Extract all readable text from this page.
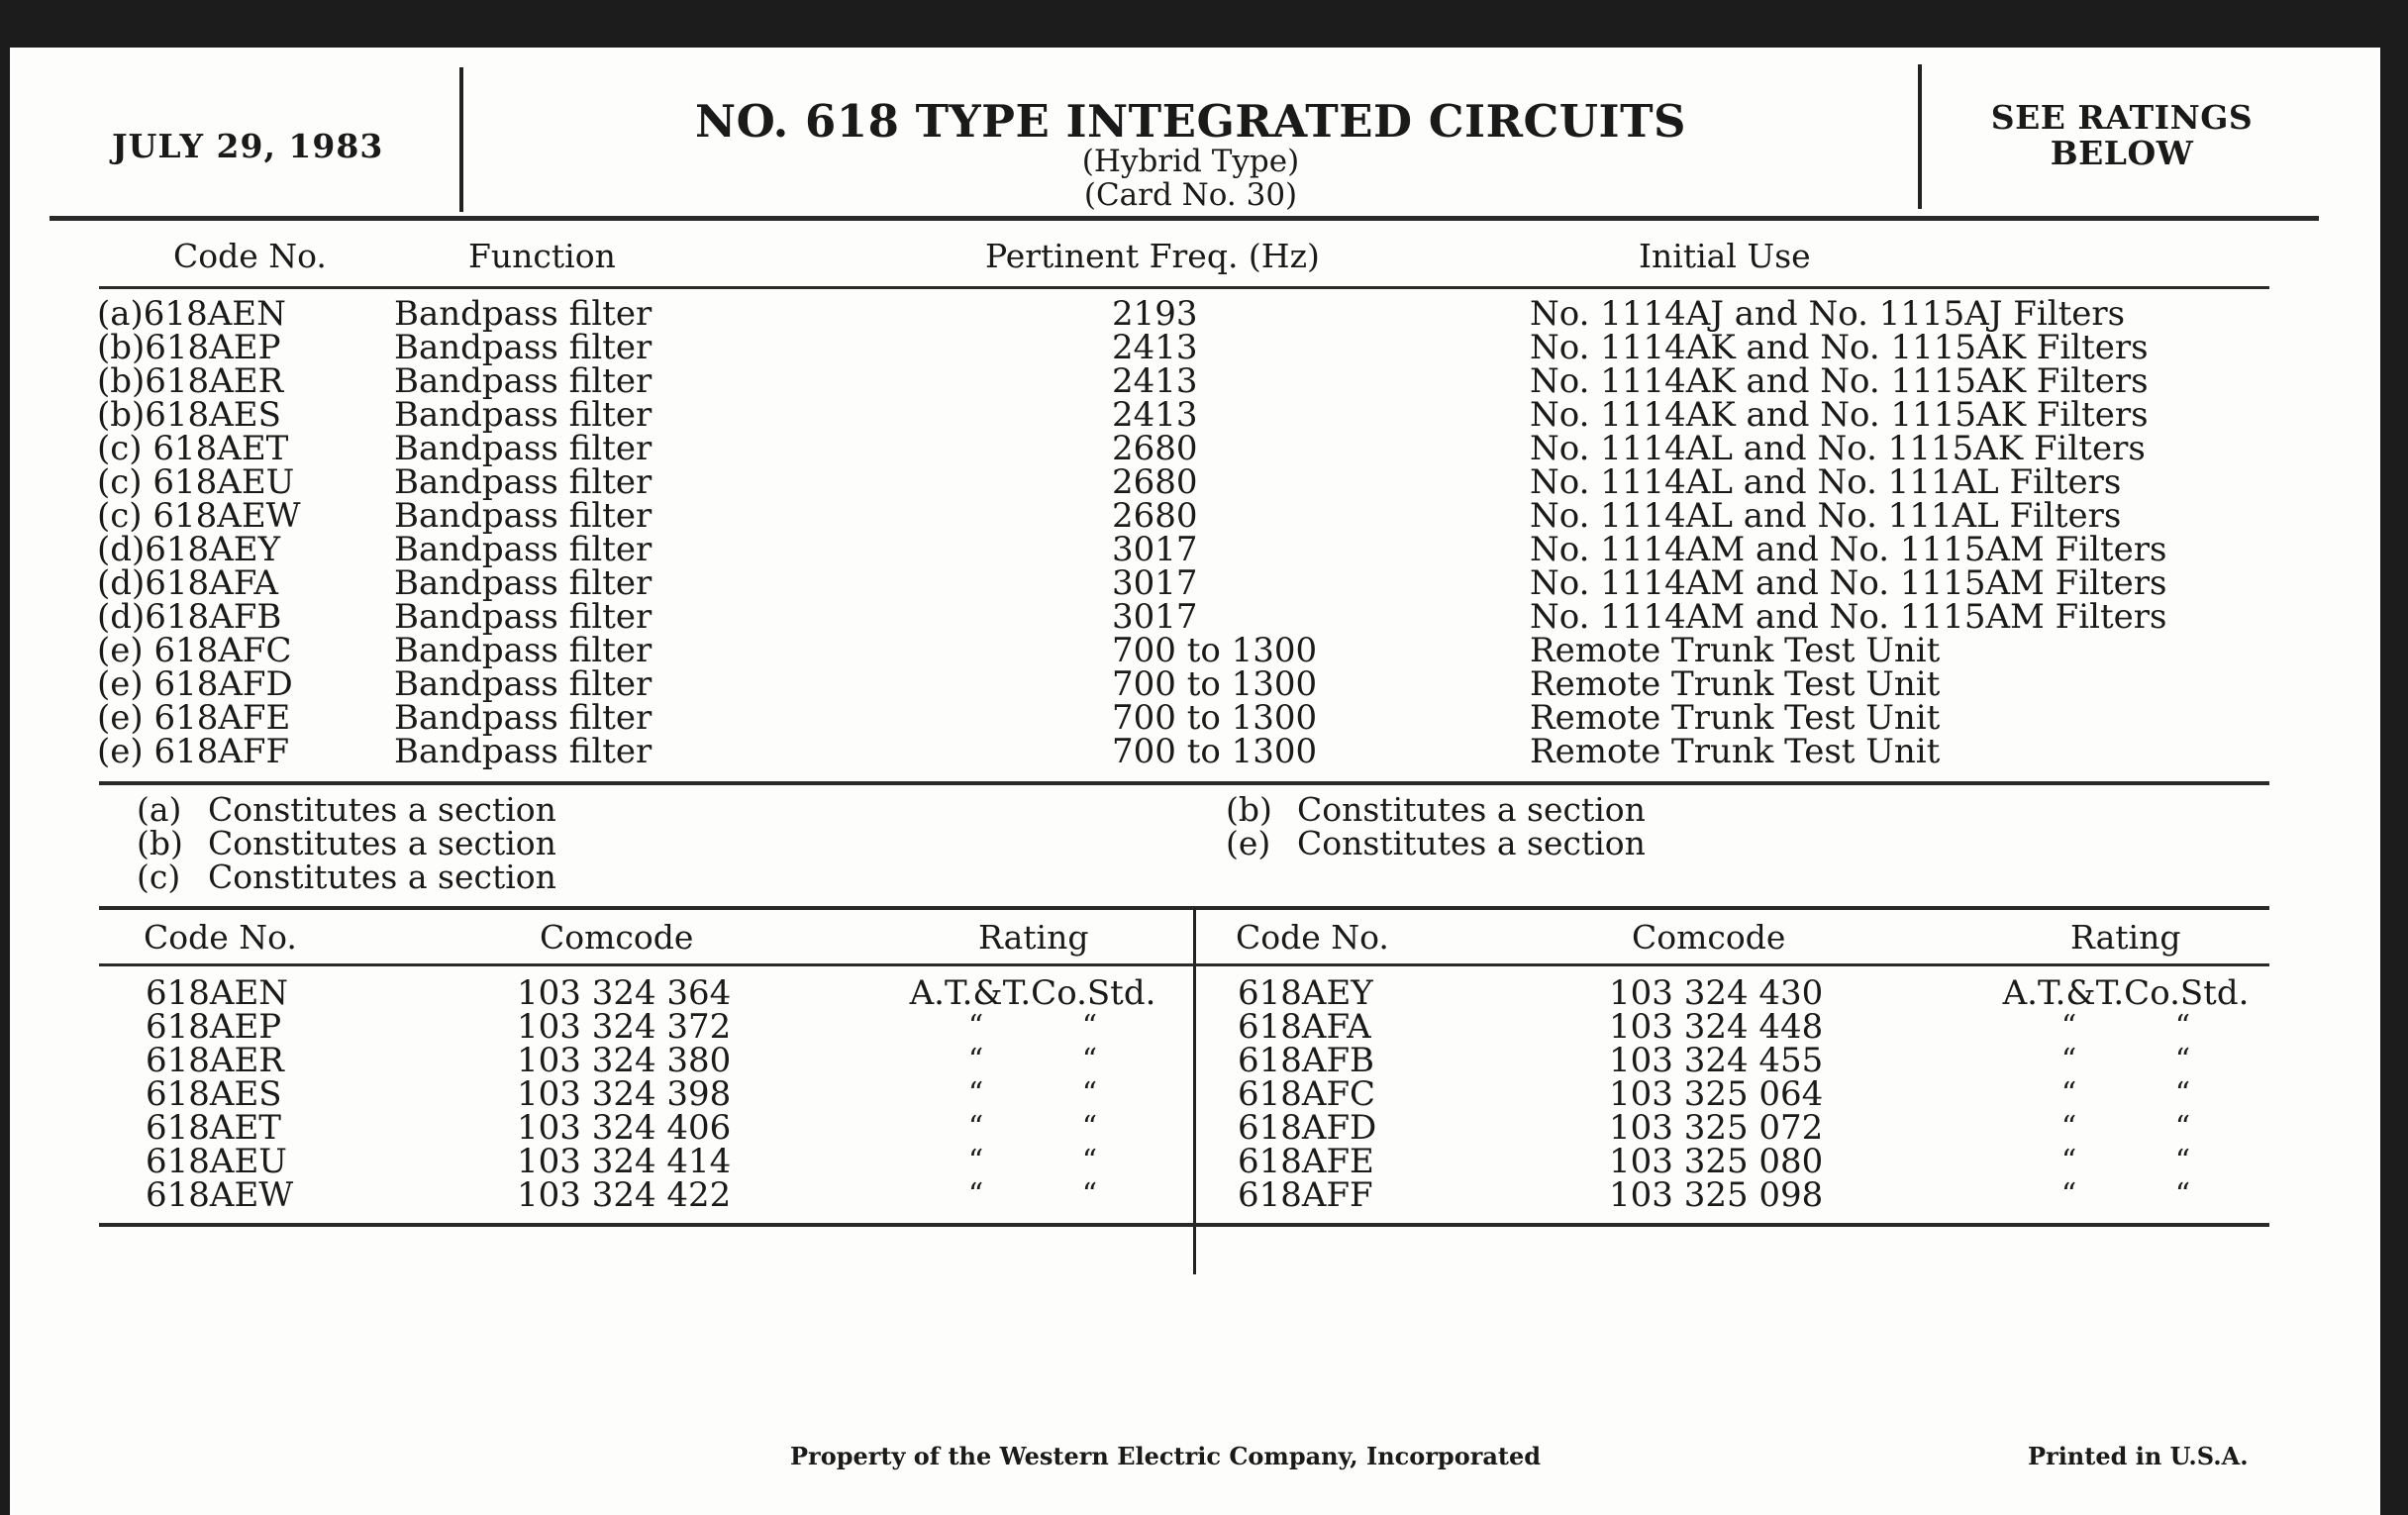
JULY 29, 1983	NO. 618 TYPE INTEGRATED CIRCUITS
(Hybrid Type)
(Card No. 30)
SEE RATINGS
BELOW
Code No.	Function	Pertinent Freq. (Hz)	Initial Use
(a)618AEN	Bandpass filter	2193	No. 1114AJ and No. 1115AJ Filters
(b)618AEP	Bandpass filter	2413	No. 1114AK and No. 1115AK Filters
(b)618AER	Bandpass filter	2413	No. 1114AK and No. 1115AK Filters
(b)618AES	Bandpass filter	2413	No. 1114AK and No. 1115AK Filters
(c) 618AET	Bandpass filter	2680	No. 1114AL and No. 1115AK Filters
(c) 618AEU	Bandpass filter	2680	No. 1114AL and No. 111AL Filters
(c) 618AEW	Bandpass filter	2680	No. 1114AL and No. 111AL Filters
(d)618AEY	Bandpass filter	3017	No. 1114AM and No. 1115AM Filters
(d)618AFA	Bandpass filter	3017	No. 1114AM and No. 1115AM Filters
(d)618AFB	Bandpass filter	3017	No. 1114AM and No. 1115AM Filters
(e) 618AFC	Bandpass filter	700 to 1300	Remote Trunk Test Unit
(e) 618AFD	Bandpass filter	700 to 1300	Remote Trunk Test Unit
(e) 618AFE	Bandpass filter	700 to 1300	Remote Trunk Test Unit
(e) 618AFF	Bandpass filter	700 to 1300	Remote Trunk Test Unit
(a) Constitutes a section
(b) Constitutes a section
(c) Constitutes a section
(b) Constitutes a section
(e) Constitutes a section
Code No.	Comcode	Rating	Code No.	Comcode	Rating
618AEN	103 324 364	A.T.&T.Co.Std.
618AEP	103 324 372	“ “
618AER	103 324 380	“ “
618AES	103 324 398	“ “
618AET	103 324 406	“ “
618AEU	103 324 414	“ “
618AEW	103 324 422	“ “
618AEY	103 324 430	A.T.&T.Co.Std.
618AFA	103 324 448	“ “
618AFB	103 324 455	“ “
618AFC	103 325 064	“ “
618AFD	103 325 072	“ “
618AFE	103 325 080	“ “
618AFF	103 325 098	“ “
Property of the Western Electric Company, Incorporated	Printed in U.S.A.
